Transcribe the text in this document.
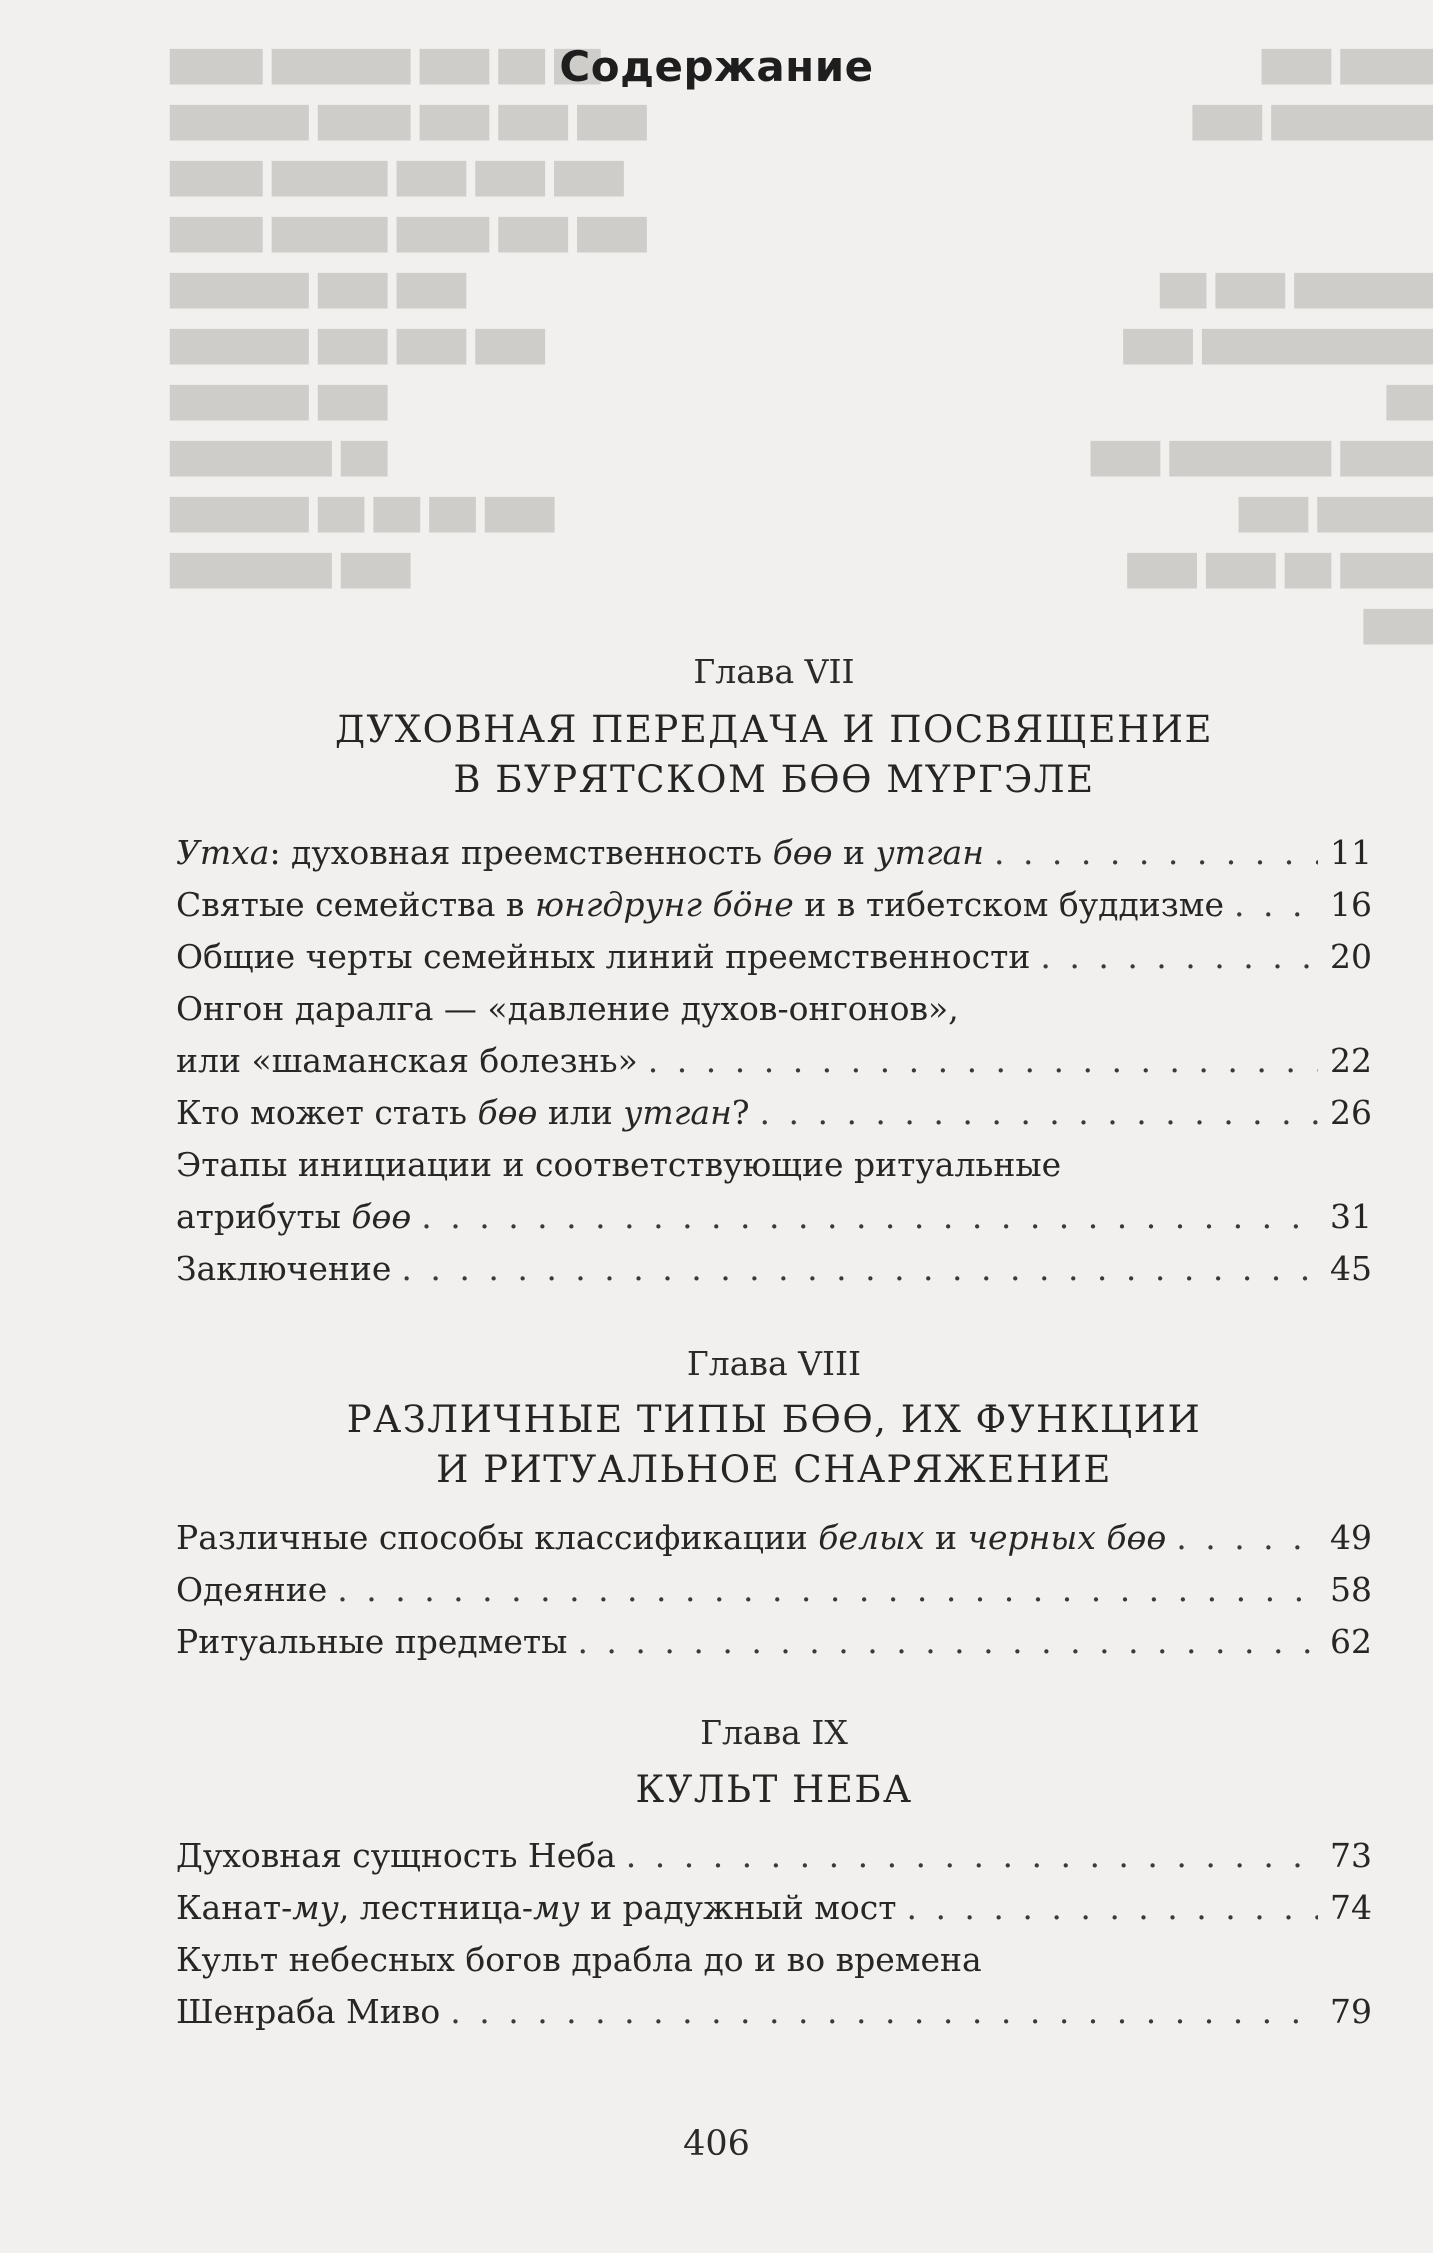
████ ██████ ███ ██ ██
██████ ████ ███ ███ ███
████ █████ ███ ███ ███
████ █████ ████ ███ ███
██████ ███ ███
██████ ███ ███ ███
██████ ███
███████ ██
██████ ██ ██ ██ ███
███████ ███
████ ███
███████ ███

██████ ███ ██
██████████ ███ ██
████ ███████ ███
█████ ███
████ ██ ███ ███ ███
Содержание
Глава VII
ДУХОВНАЯ ПЕРЕДАЧА И ПОСВЯЩЕНИЕ
В БУРЯТСКОМ БӨӨ МҮРГЭЛЕ
Утха: духовная преемственность бөө и утган . . .	11
Святые семейства в юнгдрунг бӧне и в тибетском буддизме . . .	16
Общие черты семейных линий преемственности . . .	20
Онгон даралга — «давление духов-онгонов»,
или «шаманская болезнь» . . .	22
Кто может стать бөө или утган? . . .	26
Этапы инициации и соответствующие ритуальные
атрибуты бөө . . .	31
Заключение . . .	45
Глава VIII
РАЗЛИЧНЫЕ ТИПЫ БӨӨ, ИХ ФУНКЦИИ
И РИТУАЛЬНОЕ СНАРЯЖЕНИЕ
Различные способы классификации белых и черных бөө . . .	49
Одеяние . . .	58
Ритуальные предметы . . .	62
Глава IX
КУЛЬТ НЕБА
Духовная сущность Неба . . .	73
Канат-му, лестница-му и радужный мост . . .	74
Культ небесных богов драбла до и во времена
Шенраба Миво . . .	79
406
